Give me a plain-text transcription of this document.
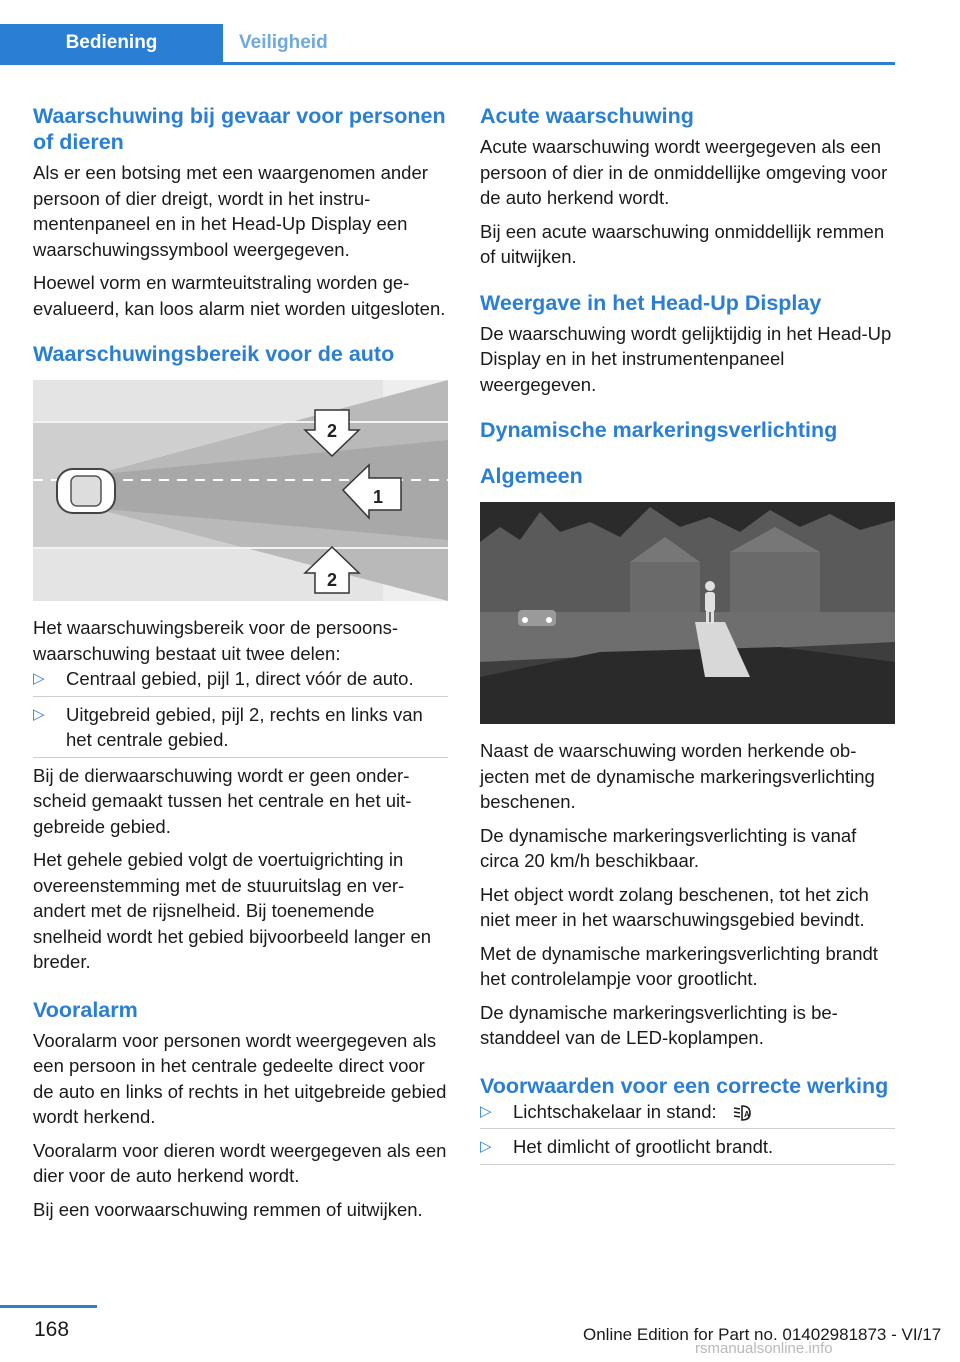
Bediening	Veiligheid
Waarschuwing bij gevaar voor personen of dieren

Als er een botsing met een waargenomen ander persoon of dier dreigt, wordt in het instrumentenpaneel en in het Head-Up Display een waarschuwingssymbool weergegeven.

Hoewel vorm en warmteuitstraling worden geevalueerd, kan loos alarm niet worden uitgesloten.

Waarschuwingsbereik voor de auto
2
1
2

Het waarschuwingsbereik voor de persoonswaarschuwing bestaat uit twee delen:

▷ Centraal gebied, pijl 1, direct vóór de auto.
▷ Uitgebreid gebied, pijl 2, rechts en links van het centrale gebied.

Bij de dierwaarschuwing wordt er geen onderscheid gemaakt tussen het centrale en het uitgebreide gebied.

Het gehele gebied volgt de voertuigrichting in overeenstemming met de stuuruitslag en verandert met de rijsnelheid. Bij toenemende snelheid wordt het gebied bijvoorbeeld langer en breder.

Vooralarm

Vooralarm voor personen wordt weergegeven als een persoon in het centrale gedeelte direct voor de auto en links of rechts in het uitgebreide gebied wordt herkend.

Vooralarm voor dieren wordt weergegeven als een dier voor de auto herkend wordt.

Bij een voorwaarschuwing remmen of uitwijken.

Acute waarschuwing

Acute waarschuwing wordt weergegeven als een persoon of dier in de onmiddellijke omgeving voor de auto herkend wordt.

Bij een acute waarschuwing onmiddellijk remmen of uitwijken.

Weergave in het Head-Up Display

De waarschuwing wordt gelijktijdig in het Head-Up Display en in het instrumentenpaneel weergegeven.

Dynamische markeringsverlichting
Algemeen

Naast de waarschuwing worden herkende objecten met de dynamische markeringsverlichting beschenen.

De dynamische markeringsverlichting is vanaf circa 20 km/h beschikbaar.

Het object wordt zolang beschenen, tot het zich niet meer in het waarschuwingsgebied bevindt.

Met de dynamische markeringsverlichting brandt het controlelampje voor grootlicht.

De dynamische markeringsverlichting is bestanddeel van de LED-koplampen.

Voorwaarden voor een correcte werking
▷ Lichtschakelaar in stand:	A
▷ Het dimlicht of grootlicht brandt.
168	Online Edition for Part no. 01402981873 - VI/17
rsmanualsonline.info
